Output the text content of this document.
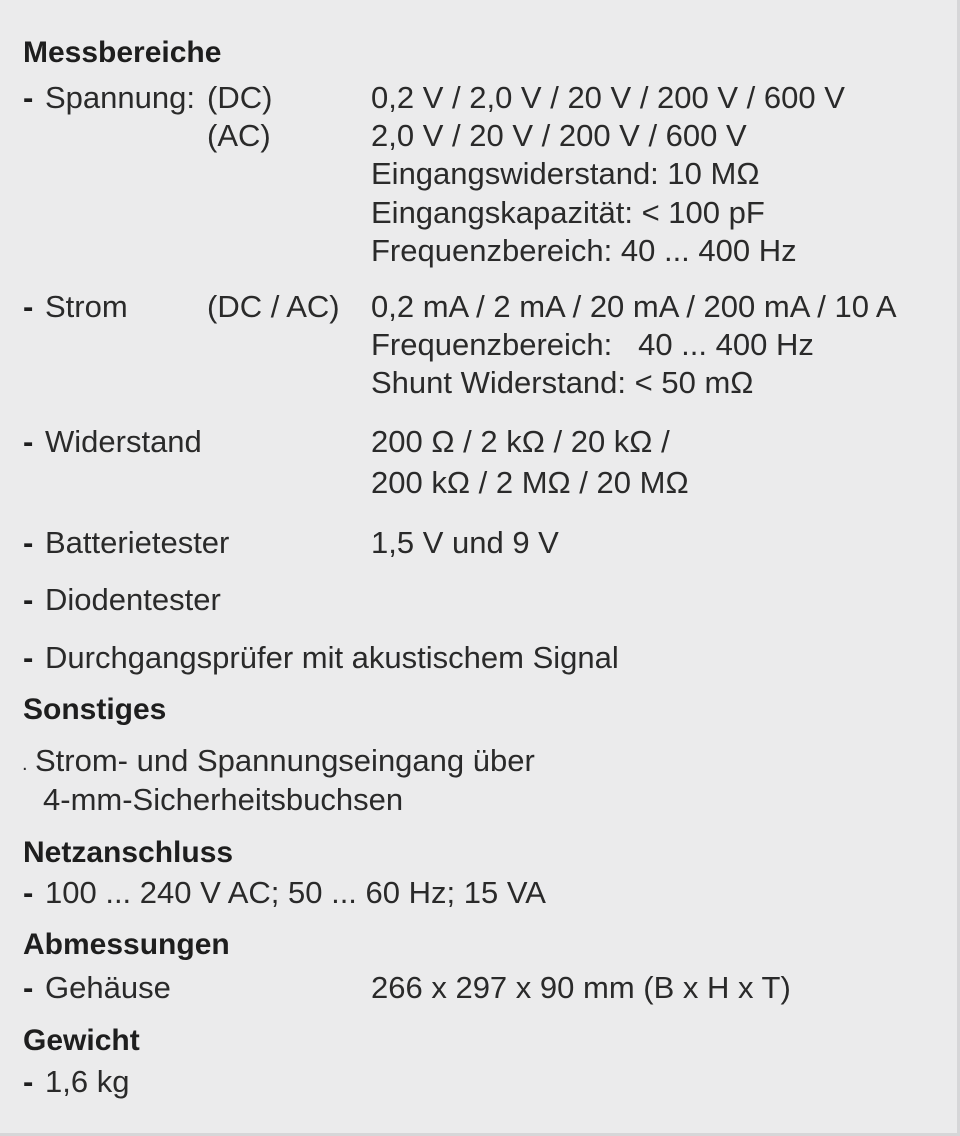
Messbereiche
- Spannung: (DC)	0,2 V / 2,0 V / 20 V / 200 V / 600 V
(AC)	2,0 V / 20 V / 200 V / 600 V
Eingangswiderstand: 10 MΩ
Eingangskapazität: < 100 pF
Frequenzbereich: 40 ... 400 Hz
- Strom	(DC / AC) 0,2 mA / 2 mA / 20 mA / 200 mA / 10 A
Frequenzbereich:   40 ... 400 Hz
Shunt Widerstand: < 50 mΩ
- Widerstand	200 Ω / 2 kΩ / 20 kΩ /
200 kΩ / 2 MΩ / 20 MΩ
- Batterietester	1,5 V und 9 V
- Diodentester
- Durchgangsprüfer mit akustischem Signal
Sonstiges
. Strom- und Spannungseingang über
4-mm-Sicherheitsbuchsen
Netzanschluss
- 100 ... 240 V AC; 50 ... 60 Hz; 15 VA
Abmessungen
- Gehäuse	266 x 297 x 90 mm (B x H x T)
Gewicht
- 1,6 kg
